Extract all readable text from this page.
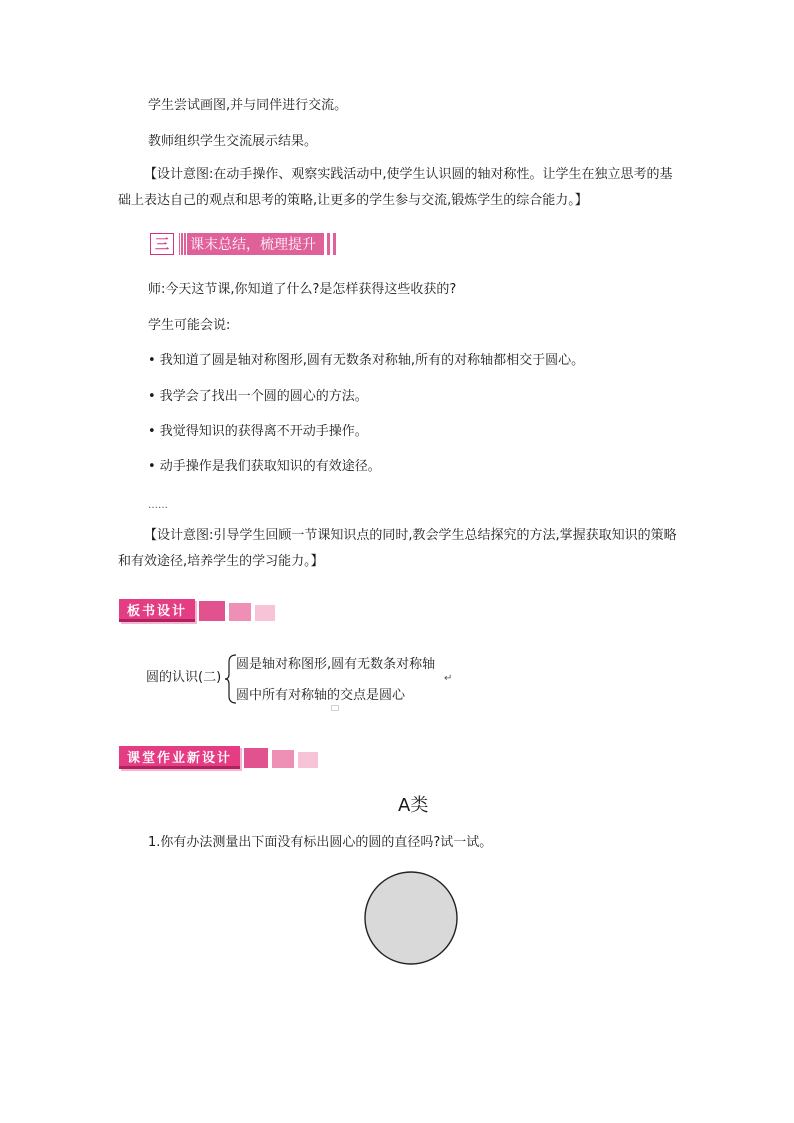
学生尝试画图,并与同伴进行交流。
教师组织学生交流展示结果。
【设计意图:在动手操作、观察实践活动中,使学生认识圆的轴对称性。让学生在独立思考的基础上表达自己的观点和思考的策略,让更多的学生参与交流,锻炼学生的综合能力。】
三	课末总结，梳理提升
师:今天这节课,你知道了什么?是怎样获得这些收获的?
学生可能会说:
• 我知道了圆是轴对称图形,圆有无数条对称轴,所有的对称轴都相交于圆心。
• 我学会了找出一个圆的圆心的方法。
• 我觉得知识的获得离不开动手操作。
• 动手操作是我们获取知识的有效途径。
……
【设计意图:引导学生回顾一节课知识点的同时,教会学生总结探究的方法,掌握获取知识的策略和有效途径,培养学生的学习能力。】
板书设计
圆的认识(二)
圆是轴对称图形,圆有无数条对称轴
圆中所有对称轴的交点是圆心
↵
课堂作业新设计
A类
1.你有办法测量出下面没有标出圆心的圆的直径吗?试一试。
